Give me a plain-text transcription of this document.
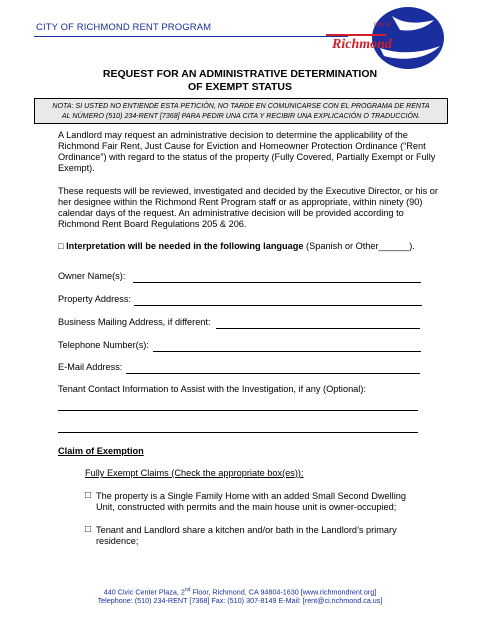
CITY OF RICHMOND RENT PROGRAM	City of
Richmond
REQUEST FOR AN ADMINISTRATIVE DETERMINATION
OF EXEMPT STATUS
NOTA: SI USTED NO ENTIENDE ESTA PETICIÓN, NO TARDE EN COMUNICARSE CON EL PROGRAMA DE RENTA
AL NÚMERO (510) 234-RENT [7368] PARA PEDIR UNA CITA Y RECIBIR UNA EXPLICACIÓN O TRADUCCIÓN.
A Landlord may request an administrative decision to determine the applicability of the Richmond Fair Rent, Just Cause for Eviction and Homeowner Protection Ordinance (“Rent Ordinance”) with regard to the status of the property (Fully Covered, Partially Exempt or Fully Exempt).
These requests will be reviewed, investigated and decided by the Executive Director, or his or her designee within the Richmond Rent Program staff or as appropriate, within ninety (90) calendar days of the request. An administrative decision will be provided according to Richmond Rent Board Regulations 205 & 206.
□ Interpretation will be needed in the following language (Spanish or Other______).
Owner Name(s):
Property Address:
Business Mailing Address, if different:
Telephone Number(s):
E-Mail Address:
Tenant Contact Information to Assist with the Investigation, if any (Optional):
Claim of Exemption
Fully Exempt Claims (Check the appropriate box(es)):
□ The property is a Single Family Home with an added Small Second Dwelling
Unit, constructed with permits and the main house unit is owner-occupied;
□ Tenant and Landlord share a kitchen and/or bath in the Landlord’s primary
residence;
440 Civic Center Plaza, 2nd Floor, Richmond, CA 94804-1630 [www.richmondrent.org]
Telephone: (510) 234-RENT [7368] Fax: (510) 307-8149 E-Mail: [rent@ci.richmond.ca.us]
